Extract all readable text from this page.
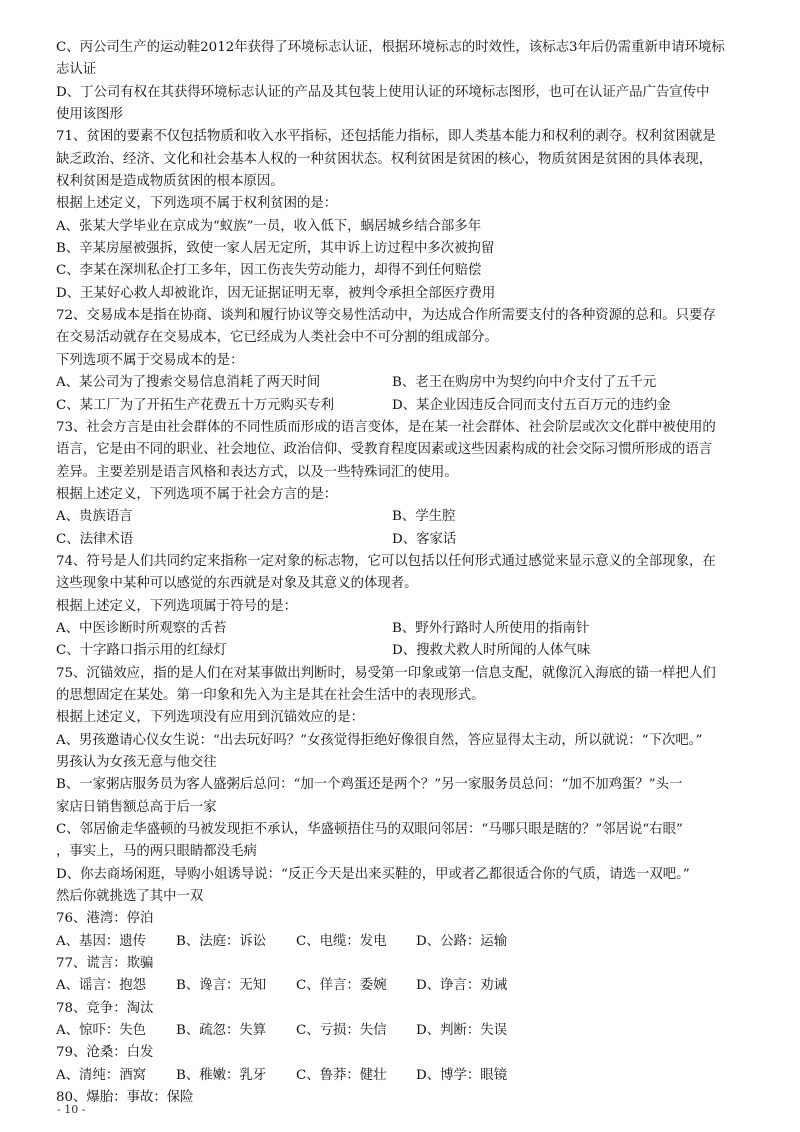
C、丙公司生产的运动鞋2012年获得了环境标志认证，根据环境标志的时效性，该标志3年后仍需重新申请环境标
志认证
D、丁公司有权在其获得环境标志认证的产品及其包装上使用认证的环境标志图形，也可在认证产品广告宣传中
使用该图形
71、贫困的要素不仅包括物质和收入水平指标，还包括能力指标，即人类基本能力和权利的剥夺。权利贫困就是
缺乏政治、经济、文化和社会基本人权的一种贫困状态。权利贫困是贫困的核心，物质贫困是贫困的具体表现，
权利贫困是造成物质贫困的根本原因。
根据上述定义，下列选项不属于权利贫困的是：
A、张某大学毕业在京成为“蚁族”一员，收入低下，蜗居城乡结合部多年
B、辛某房屋被强拆，致使一家人居无定所，其申诉上访过程中多次被拘留
C、李某在深圳私企打工多年，因工伤丧失劳动能力，却得不到任何赔偿
D、王某好心救人却被讹诈，因无证据证明无辜，被判令承担全部医疗费用
72、交易成本是指在协商、谈判和履行协议等交易性活动中，为达成合作所需要支付的各种资源的总和。只要存
在交易活动就存在交易成本，它已经成为人类社会中不可分割的组成部分。
下列选项不属于交易成本的是：
A、某公司为了搜索交易信息消耗了两天时间	B、老王在购房中为契约向中介支付了五千元
C、某工厂为了开拓生产花费五十万元购买专利	D、某企业因违反合同而支付五百万元的违约金
73、社会方言是由社会群体的不同性质而形成的语言变体，是在某一社会群体、社会阶层或次文化群中被使用的
语言，它是由不同的职业、社会地位、政治信仰、受教育程度因素或这些因素构成的社会交际习惯所形成的语言
差异。主要差别是语言风格和表达方式，以及一些特殊词汇的使用。
根据上述定义，下列选项不属于社会方言的是：
A、贵族语言	B、学生腔
C、法律术语	D、客家话
74、符号是人们共同约定来指称一定对象的标志物，它可以包括以任何形式通过感觉来显示意义的全部现象，在
这些现象中某种可以感觉的东西就是对象及其意义的体现者。
根据上述定义，下列选项属于符号的是：
A、中医诊断时所观察的舌苔	B、野外行路时人所使用的指南针
C、十字路口指示用的红绿灯	D、搜救犬救人时所闻的人体气味
75、沉锚效应，指的是人们在对某事做出判断时，易受第一印象或第一信息支配，就像沉入海底的锚一样把人们
的思想固定在某处。第一印象和先入为主是其在社会生活中的表现形式。
根据上述定义，下列选项没有应用到沉锚效应的是：
A、男孩邀请心仪女生说：“出去玩好吗？”女孩觉得拒绝好像很自然，答应显得太主动，所以就说：“下次吧。”
男孩认为女孩无意与他交往
B、一家粥店服务员为客人盛粥后总问：“加一个鸡蛋还是两个？”另一家服务员总问：“加不加鸡蛋？”头一
家店日销售额总高于后一家
C、邻居偷走华盛顿的马被发现拒不承认，华盛顿捂住马的双眼问邻居：“马哪只眼是瞎的？”邻居说“右眼”
，事实上，马的两只眼睛都没毛病
D、你去商场闲逛，导购小姐诱导说：“反正今天是出来买鞋的，甲或者乙都很适合你的气质，请选一双吧。”
然后你就挑选了其中一双
76、港湾：停泊
A、基因：遗传	B、法庭：诉讼	C、电缆：发电	D、公路：运输
77、谎言：欺骗
A、谣言：抱怨	B、谗言：无知	C、佯言：委婉	D、诤言：劝诫
78、竞争：淘汰
A、惊吓：失色	B、疏忽：失算	C、亏损：失信	D、判断：失误
79、沧桑：白发
A、清纯：酒窝	B、稚嫩：乳牙	C、鲁莽：健壮	D、博学：眼镜
80、爆胎：事故：保险
- 10 -
